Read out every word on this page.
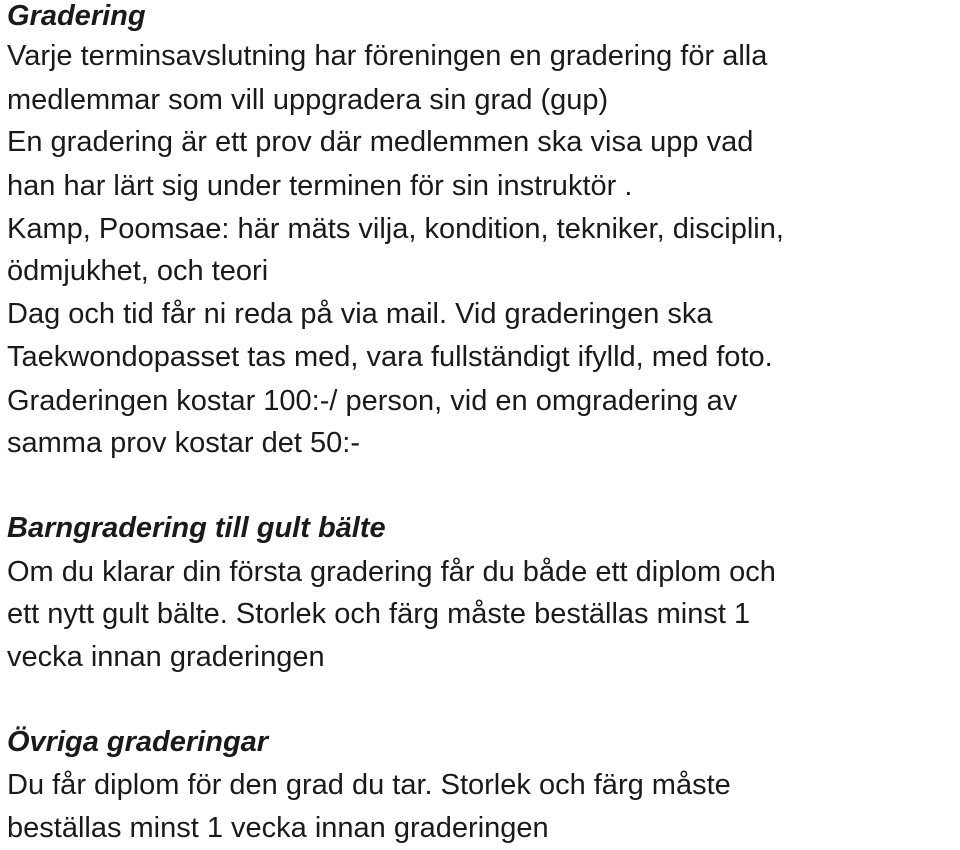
Gradering
Varje terminsavslutning har föreningen en gradering för alla
medlemmar som vill uppgradera sin grad (gup)
En gradering är ett prov där medlemmen ska visa upp vad
han har lärt sig under terminen för sin instruktör .
Kamp, Poomsae: här mäts vilja, kondition, tekniker, disciplin,
ödmjukhet, och teori
Dag och tid får ni reda på via mail. Vid graderingen ska
Taekwondopasset tas med, vara fullständigt ifylld, med foto.
Graderingen kostar 100:-/ person, vid en omgradering av
samma prov kostar det 50:-
Barngradering till gult bälte
Om du klarar din första gradering får du både ett diplom och
ett nytt gult bälte. Storlek och färg måste beställas minst 1
vecka innan graderingen
Övriga graderingar
Du får diplom för den grad du tar. Storlek och färg måste
beställas minst 1 vecka innan graderingen
